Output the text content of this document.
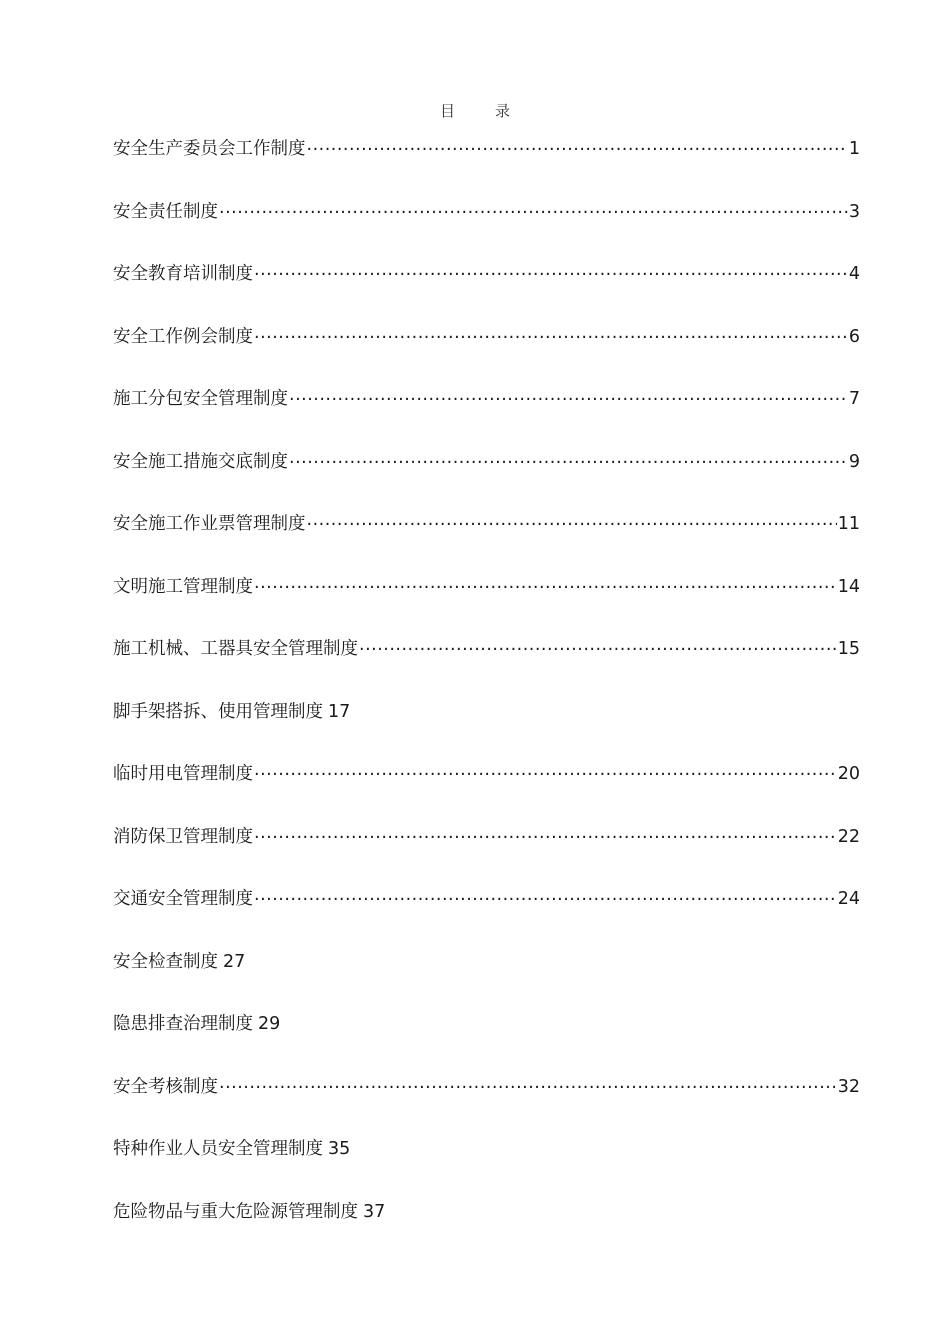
目	录
安全生产委员会工作制度 .....	1
安全责任制度 .....	3
安全教育培训制度 .....	4
安全工作例会制度 .....	6
施工分包安全管理制度 .....	7
安全施工措施交底制度 .....	9
安全施工作业票管理制度 .....	11
文明施工管理制度 .....	14
施工机械、工器具安全管理制度 .....	15
脚手架搭拆、使用管理制度 17
临时用电管理制度 .....	20
消防保卫管理制度 .....	22
交通安全管理制度 .....	24
安全检查制度 27
隐患排查治理制度 29
安全考核制度 .....	32
特种作业人员安全管理制度 35
危险物品与重大危险源管理制度 37
